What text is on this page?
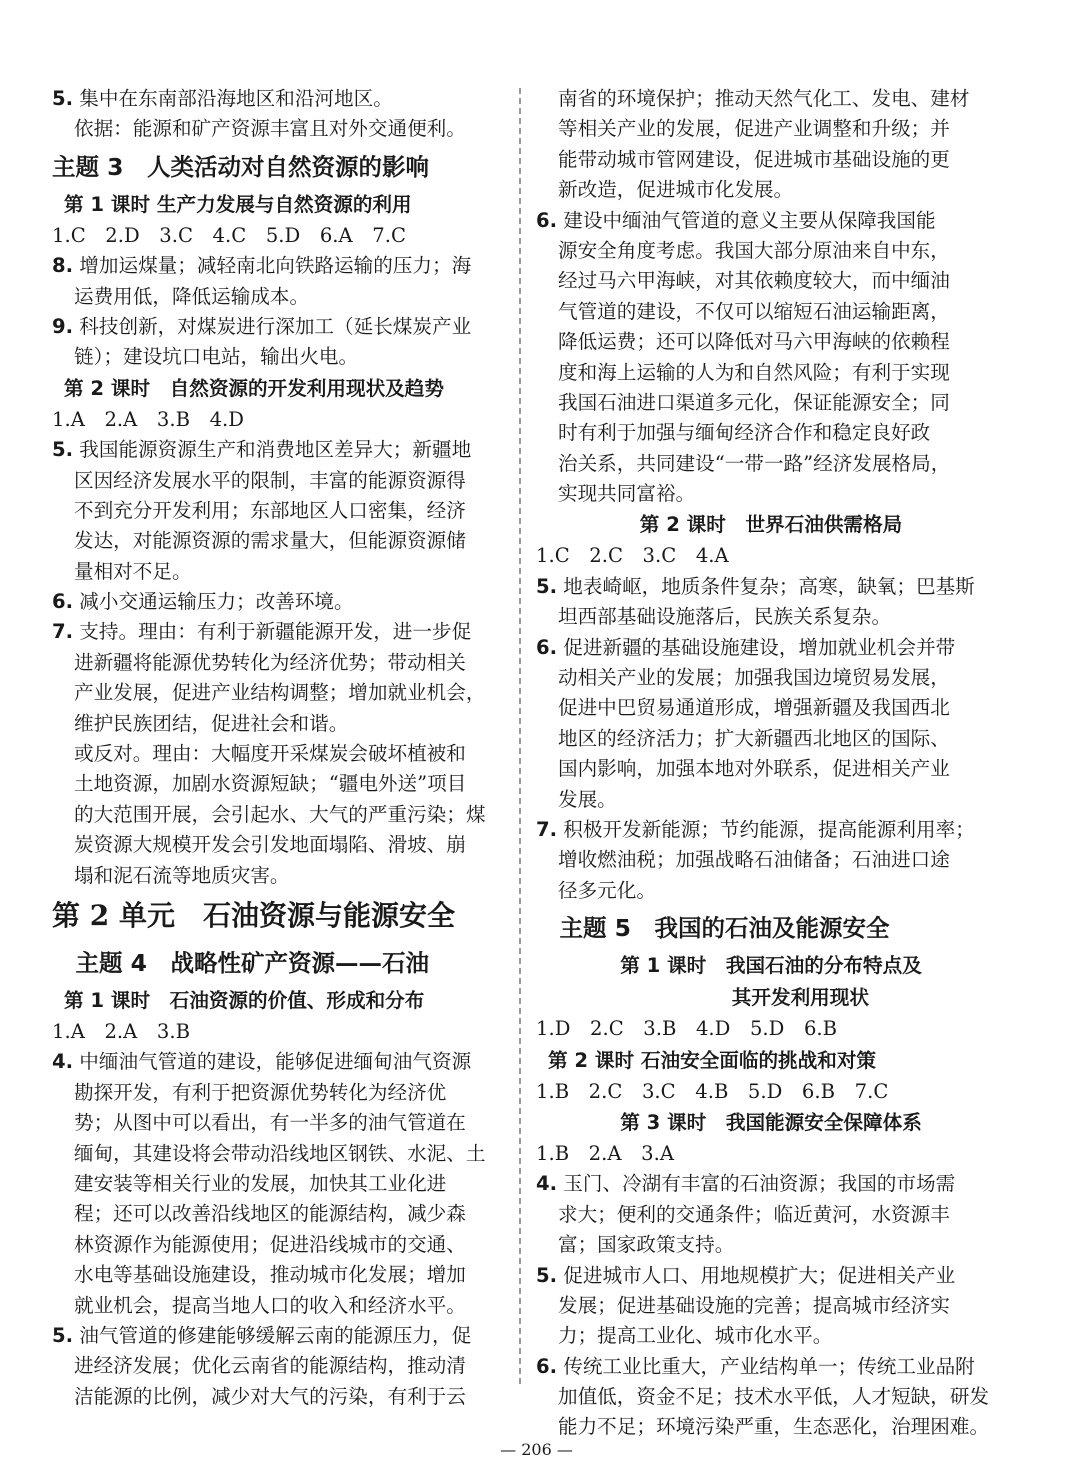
5. 集中在东南部沿海地区和沿河地区。
依据：能源和矿产资源丰富且对外交通便利。
主题 3　人类活动对自然资源的影响
第 1 课时 生产力发展与自然资源的利用
1.C　2.D　3.C　4.C　5.D　6.A　7.C
8. 增加运煤量；减轻南北向铁路运输的压力；海
运费用低，降低运输成本。
9. 科技创新，对煤炭进行深加工（延长煤炭产业
链）；建设坑口电站，输出火电。
第 2 课时　自然资源的开发利用现状及趋势
1.A　2.A　3.B　4.D
5. 我国能源资源生产和消费地区差异大；新疆地
区因经济发展水平的限制，丰富的能源资源得
不到充分开发利用；东部地区人口密集，经济
发达，对能源资源的需求量大，但能源资源储
量相对不足。
6. 减小交通运输压力；改善环境。
7. 支持。理由：有利于新疆能源开发，进一步促
进新疆将能源优势转化为经济优势；带动相关
产业发展，促进产业结构调整；增加就业机会，
维护民族团结，促进社会和谐。
或反对。理由：大幅度开采煤炭会破坏植被和
土地资源，加剧水资源短缺；“疆电外送”项目
的大范围开展，会引起水、大气的严重污染；煤
炭资源大规模开发会引发地面塌陷、滑坡、崩
塌和泥石流等地质灾害。
第 2 单元　石油资源与能源安全
　主题 4　战略性矿产资源——石油
第 1 课时　石油资源的价值、形成和分布
1.A　2.A　3.B
4. 中缅油气管道的建设，能够促进缅甸油气资源
勘探开发，有利于把资源优势转化为经济优
势；从图中可以看出，有一半多的油气管道在
缅甸，其建设将会带动沿线地区钢铁、水泥、土
建安装等相关行业的发展，加快其工业化进
程；还可以改善沿线地区的能源结构，减少森
林资源作为能源使用；促进沿线城市的交通、
水电等基础设施建设，推动城市化发展；增加
就业机会，提高当地人口的收入和经济水平。
5. 油气管道的修建能够缓解云南的能源压力，促
进经济发展；优化云南省的能源结构，推动清
洁能源的比例，减少对大气的污染，有利于云
南省的环境保护；推动天然气化工、发电、建材
等相关产业的发展，促进产业调整和升级；并
能带动城市管网建设，促进城市基础设施的更
新改造，促进城市化发展。
6. 建设中缅油气管道的意义主要从保障我国能
源安全角度考虑。我国大部分原油来自中东，
经过马六甲海峡，对其依赖度较大，而中缅油
气管道的建设，不仅可以缩短石油运输距离，
降低运费；还可以降低对马六甲海峡的依赖程
度和海上运输的人为和自然风险；有利于实现
我国石油进口渠道多元化，保证能源安全；同
时有利于加强与缅甸经济合作和稳定良好政
治关系，共同建设“一带一路”经济发展格局，
实现共同富裕。
第 2 课时　世界石油供需格局
1.C　2.C　3.C　4.A
5. 地表崎岖，地质条件复杂；高寒，缺氧；巴基斯
坦西部基础设施落后，民族关系复杂。
6. 促进新疆的基础设施建设，增加就业机会并带
动相关产业的发展；加强我国边境贸易发展，
促进中巴贸易通道形成，增强新疆及我国西北
地区的经济活力；扩大新疆西北地区的国际、
国内影响，加强本地对外联系，促进相关产业
发展。
7. 积极开发新能源；节约能源，提高能源利用率；
增收燃油税；加强战略石油储备；石油进口途
径多元化。
　主题 5　我国的石油及能源安全
第 1 课时　我国石油的分布特点及
　　　其开发利用现状
1.D　2.C　3.B　4.D　5.D　6.B
第 2 课时 石油安全面临的挑战和对策
1.B　2.C　3.C　4.B　5.D　6.B　7.C
第 3 课时　我国能源安全保障体系
1.B　2.A　3.A
4. 玉门、冷湖有丰富的石油资源；我国的市场需
求大；便利的交通条件；临近黄河，水资源丰
富；国家政策支持。
5. 促进城市人口、用地规模扩大；促进相关产业
发展；促进基础设施的完善；提高城市经济实
力；提高工业化、城市化水平。
6. 传统工业比重大，产业结构单一；传统工业品附
加值低，资金不足；技术水平低，人才短缺，研发
能力不足；环境污染严重，生态恶化，治理困难。
— 206 —
